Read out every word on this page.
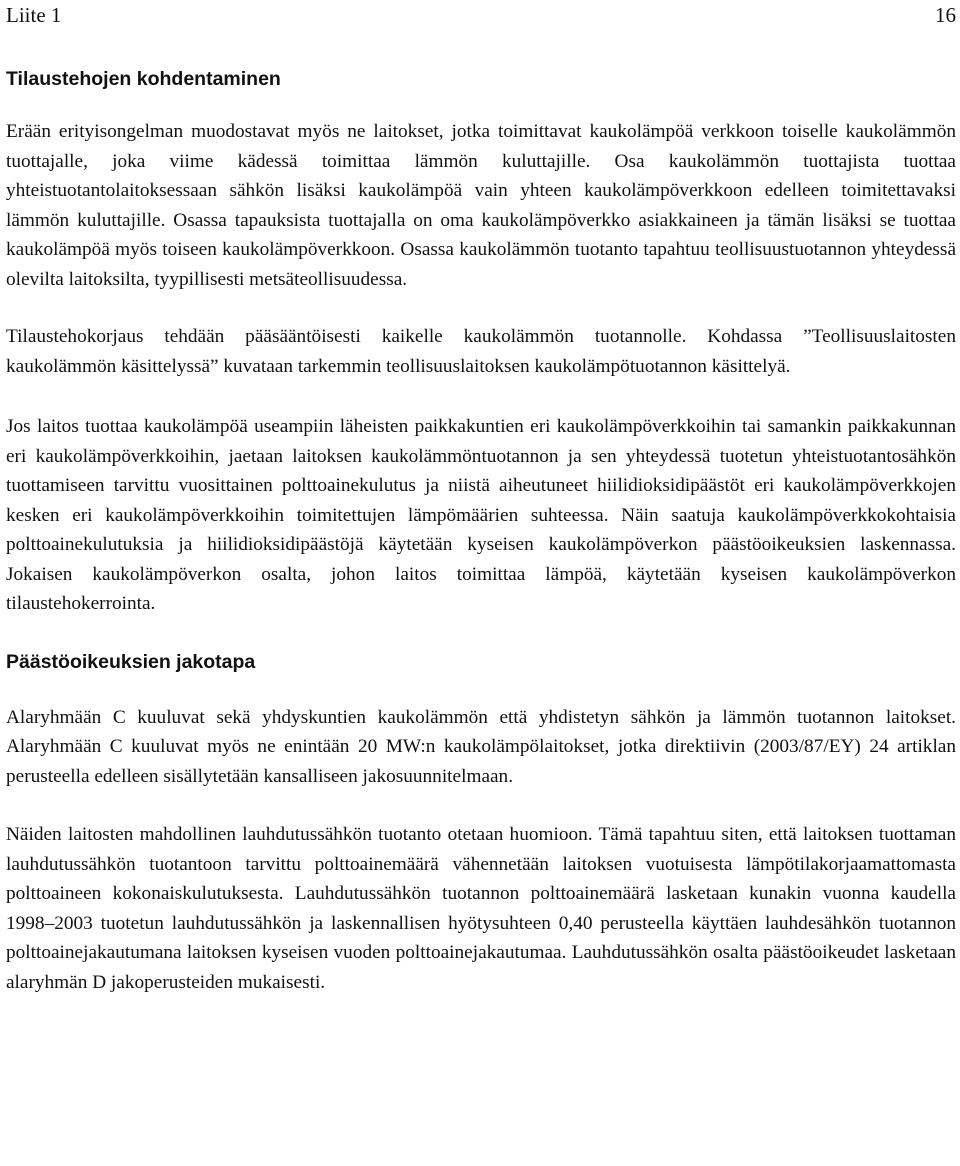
Liite 1	16
Tilaustehojen kohdentaminen

Erään erityisongelman muodostavat myös ne laitokset, jotka toimittavat kaukolämpöä verkkoon toiselle kaukolämmön tuottajalle, joka viime kädessä toimittaa lämmön kuluttajille. Osa kaukolämmön tuottajista tuottaa yhteistuotantolaitoksessaan sähkön lisäksi kaukolämpöä vain yhteen kaukolämpöverkkoon edelleen toimitettavaksi lämmön kuluttajille. Osassa tapauksista tuottajalla on oma kaukolämpöverkko asiakkaineen ja tämän lisäksi se tuottaa kaukolämpöä myös toiseen kaukolämpöverkkoon. Osassa kaukolämmön tuotanto tapahtuu teollisuustuotannon yhteydessä olevilta laitoksilta, tyypillisesti metsäteollisuudessa.

Tilaustehokorjaus tehdään pääsääntöisesti kaikelle kaukolämmön tuotannolle. Kohdassa ”Teollisuuslaitosten kaukolämmön käsittelyssä” kuvataan tarkemmin teollisuuslaitoksen kaukolämpötuotannon käsittelyä.

Jos laitos tuottaa kaukolämpöä useampiin läheisten paikkakuntien eri kaukolämpöverkkoihin tai samankin paikkakunnan eri kaukolämpöverkkoihin, jaetaan laitoksen kaukolämmöntuotannon ja sen yhteydessä tuotetun yhteistuotantosähkön tuottamiseen tarvittu vuosittainen polttoainekulutus ja niistä aiheutuneet hiilidioksidipäästöt eri kaukolämpöverkkojen kesken eri kaukolämpöverkkoihin toimitettujen lämpömäärien suhteessa. Näin saatuja kaukolämpöverkkokohtaisia polttoainekulutuksia ja hiilidioksidipäästöjä käytetään kyseisen kaukolämpöverkon päästöoikeuksien laskennassa. Jokaisen kaukolämpöverkon osalta, johon laitos toimittaa lämpöä, käytetään kyseisen kaukolämpöverkon tilaustehokerrointa.

Päästöoikeuksien jakotapa

Alaryhmään C kuuluvat sekä yhdyskuntien kaukolämmön että yhdistetyn sähkön ja lämmön tuotannon laitokset. Alaryhmään C kuuluvat myös ne enintään 20 MW:n kaukolämpölaitokset, jotka direktiivin (2003/87/EY) 24 artiklan perusteella edelleen sisällytetään kansalliseen jakosuunnitelmaan.

Näiden laitosten mahdollinen lauhdutussähkön tuotanto otetaan huomioon. Tämä tapahtuu siten, että laitoksen tuottaman lauhdutussähkön tuotantoon tarvittu polttoainemäärä vähennetään laitoksen vuotuisesta lämpötilakorjaamattomasta polttoaineen kokonaiskulutuksesta. Lauhdutussähkön tuotannon polttoainemäärä lasketaan kunakin vuonna kaudella 1998–2003 tuotetun lauhdutussähkön ja laskennallisen hyötysuhteen 0,40 perusteella käyttäen lauhdesähkön tuotannon polttoainejakautumana laitoksen kyseisen vuoden polttoainejakautumaa. Lauhdutussähkön osalta päästöoikeudet lasketaan alaryhmän D jakoperusteiden mukaisesti.
